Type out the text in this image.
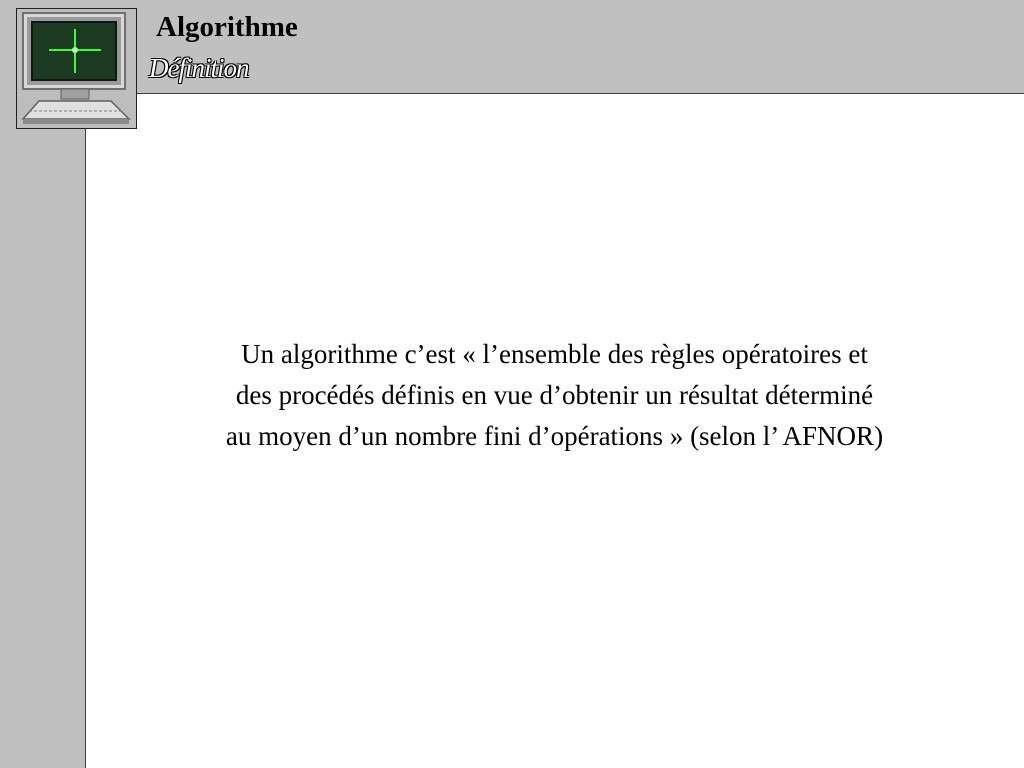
Algorithme
Définition
Un algorithme c’est « l’ensemble des règles opératoires et
des procédés définis en vue d’obtenir un résultat déterminé
au moyen d’un nombre fini d’opérations » (selon l’ AFNOR)
